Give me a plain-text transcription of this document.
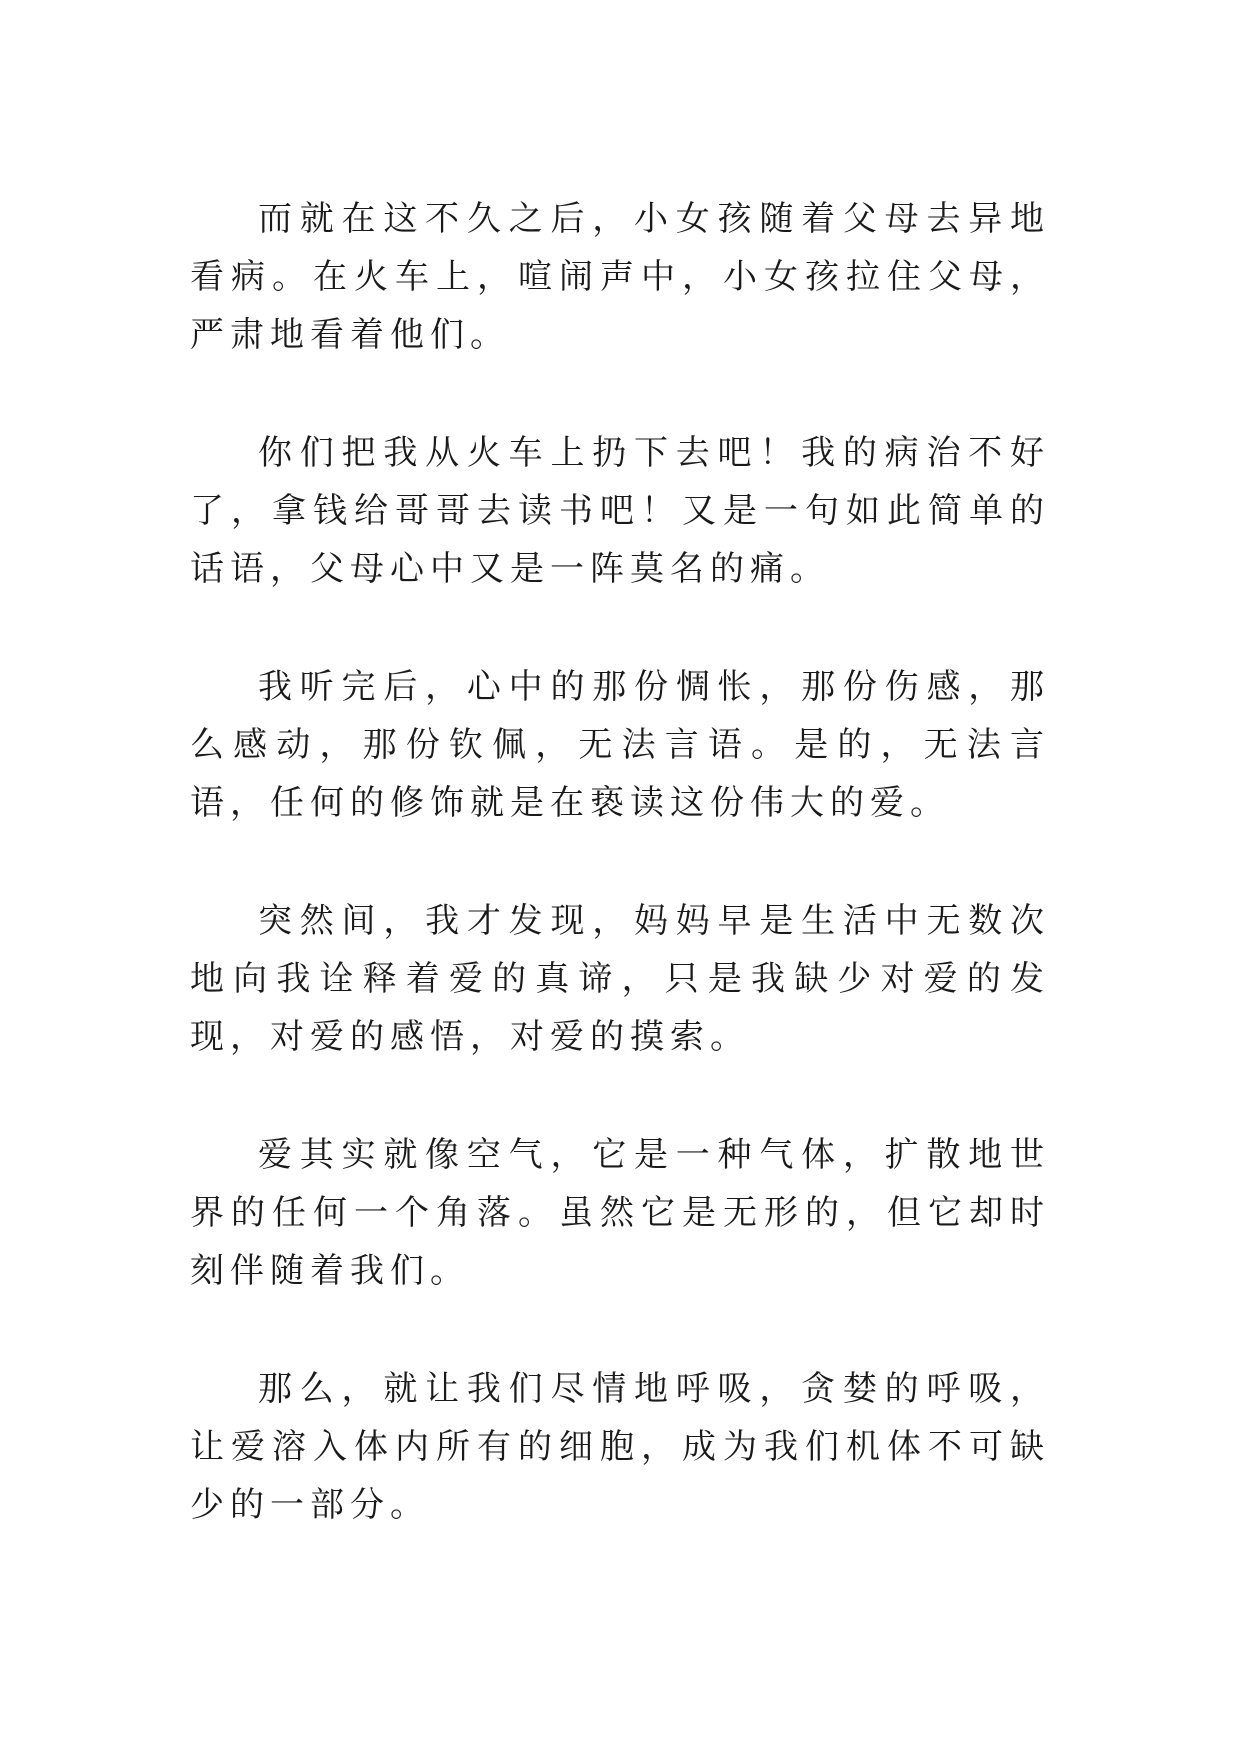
而就在这不久之后，小女孩随着父母去异地看病。在火车上，喧闹声中，小女孩拉住父母，严肃地看着他们。

你们把我从火车上扔下去吧！我的病治不好了，拿钱给哥哥去读书吧！又是一句如此简单的话语，父母心中又是一阵莫名的痛。

我听完后，心中的那份惆怅，那份伤感，那么感动，那份钦佩，无法言语。是的，无法言语，任何的修饰就是在亵读这份伟大的爱。

突然间，我才发现，妈妈早是生活中无数次地向我诠释着爱的真谛，只是我缺少对爱的发现，对爱的感悟，对爱的摸索。

爱其实就像空气，它是一种气体，扩散地世界的任何一个角落。虽然它是无形的，但它却时刻伴随着我们。

那么，就让我们尽情地呼吸，贪婪的呼吸，让爱溶入体内所有的细胞，成为我们机体不可缺少的一部分。
